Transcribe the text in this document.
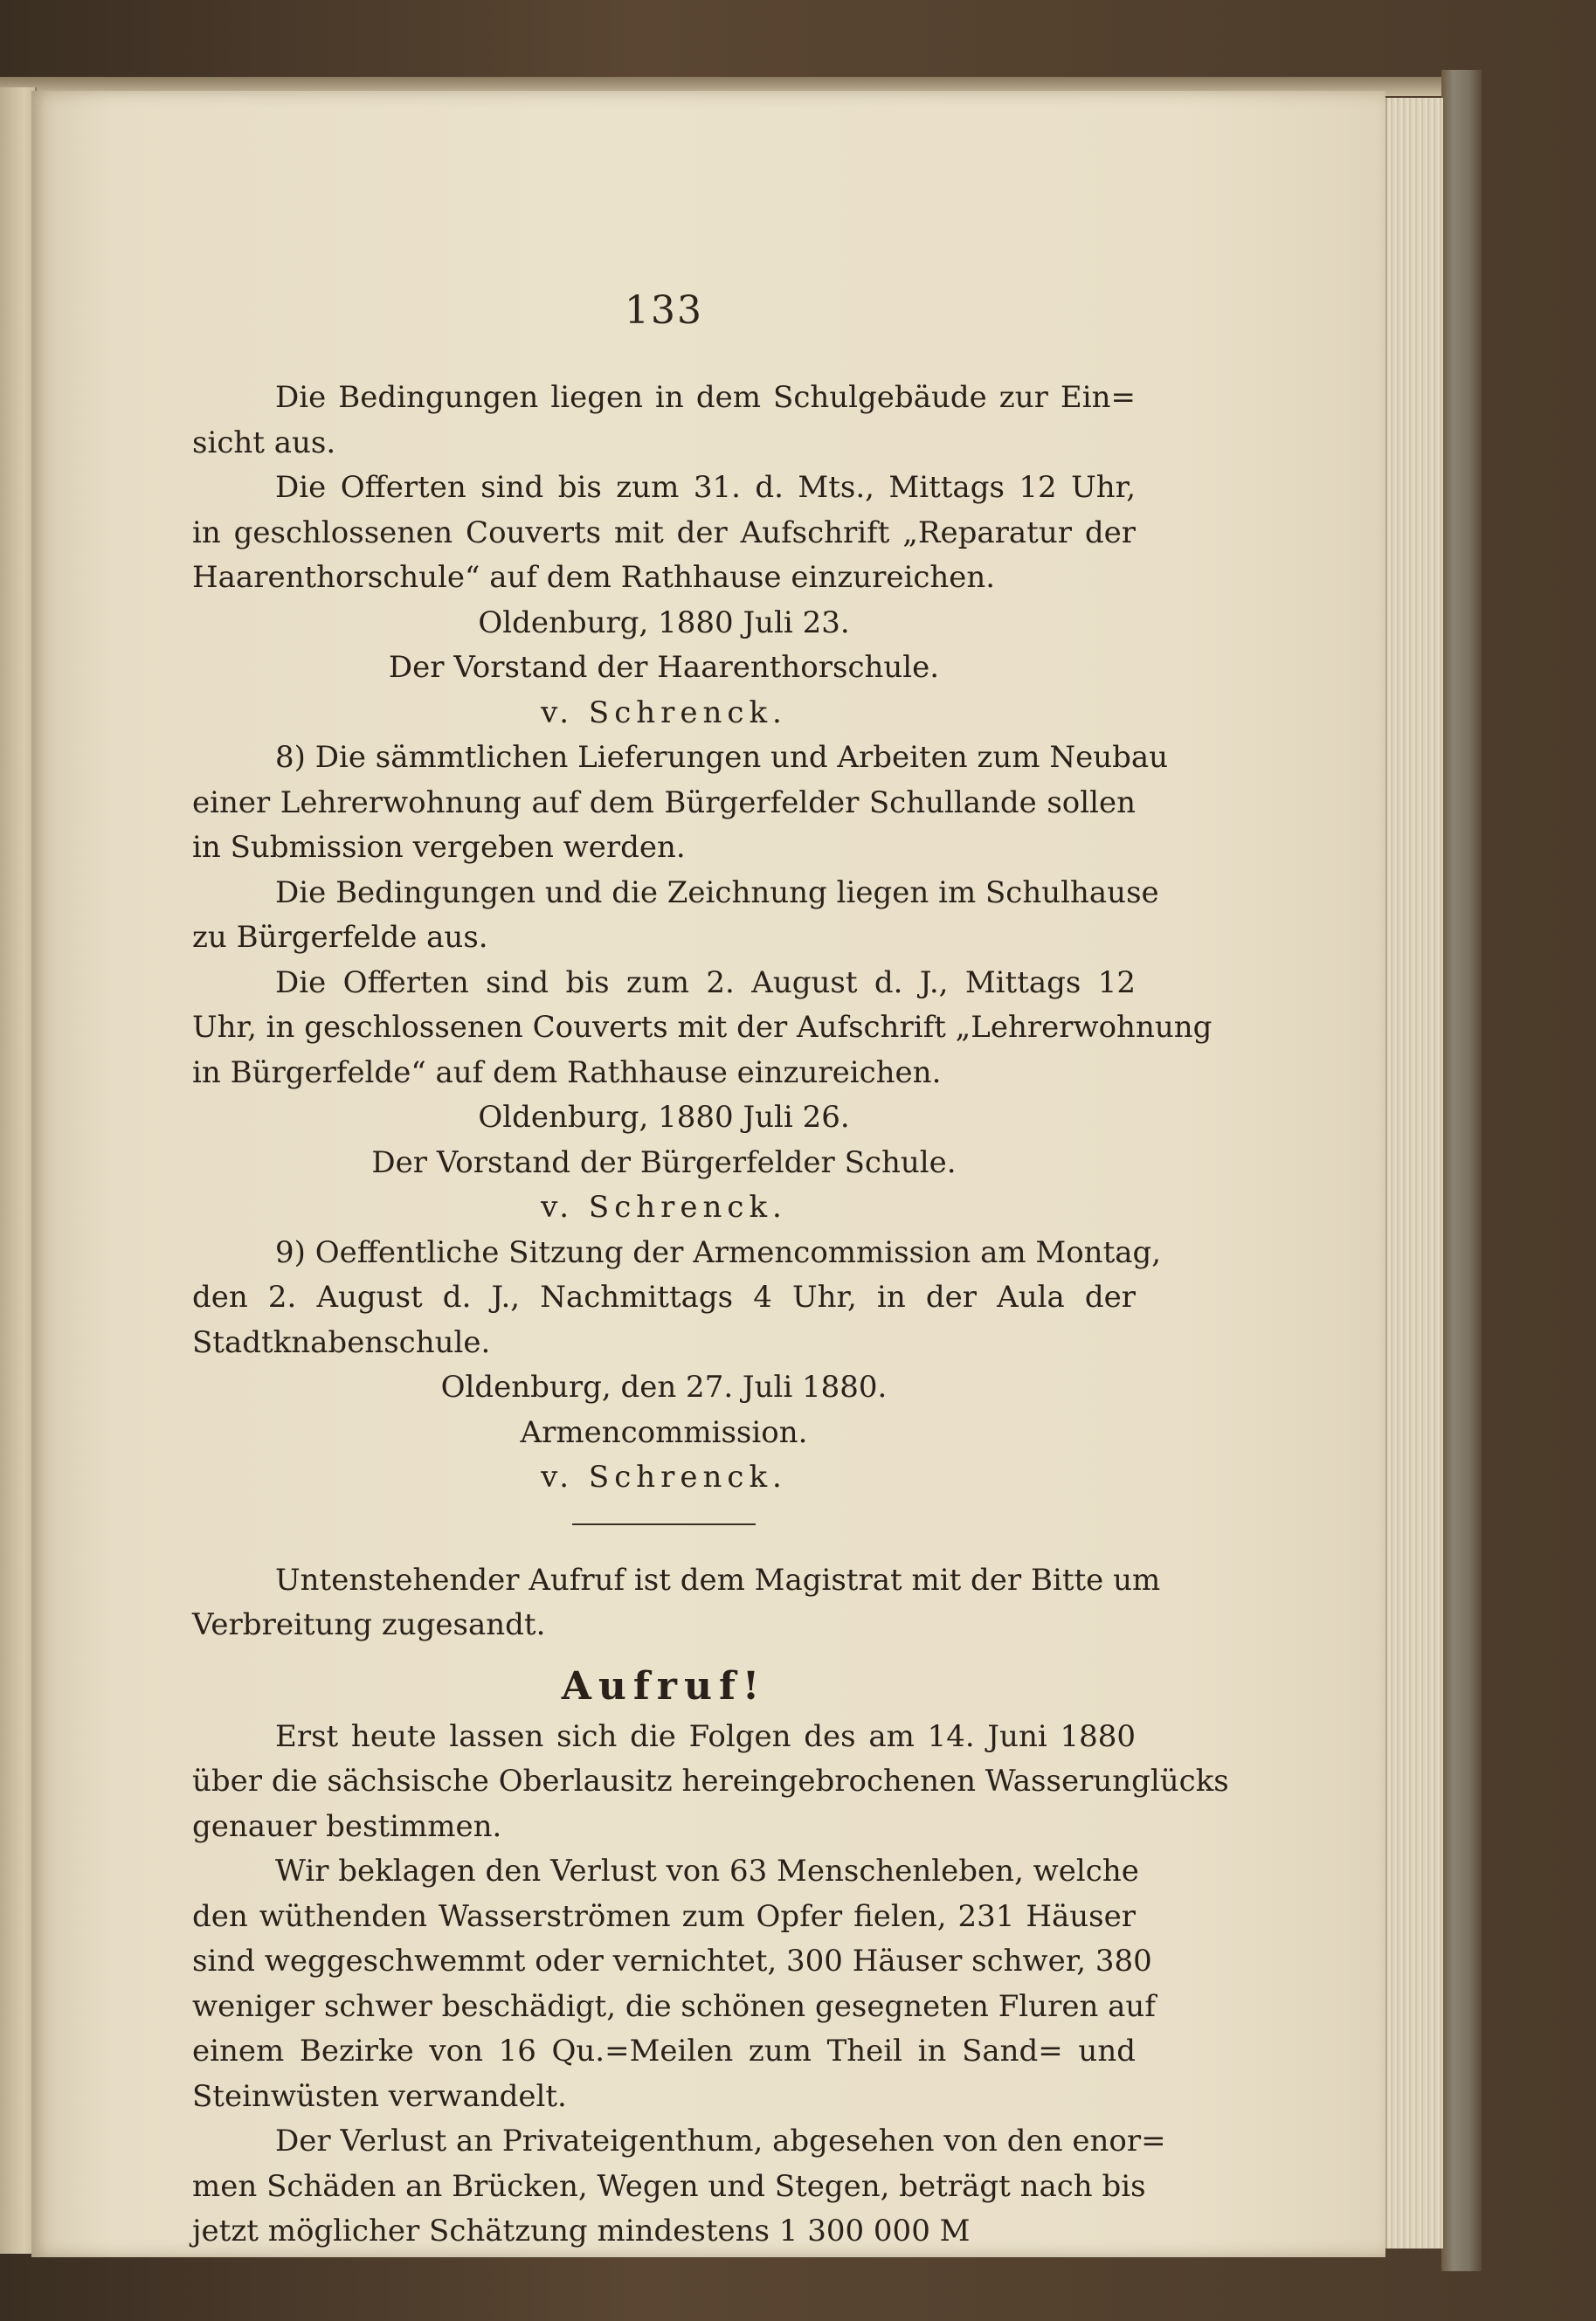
133
Die Bedingungen liegen in dem Schulgebäude zur Ein=
sicht aus.
Die Offerten sind bis zum 31. d. Mts., Mittags 12 Uhr,
in geschlossenen Couverts mit der Aufschrift „Reparatur der
Haarenthorschule“ auf dem Rathhause einzureichen.
Oldenburg, 1880 Juli 23.
Der Vorstand der Haarenthorschule.
v. Schrenck.
8) Die sämmtlichen Lieferungen und Arbeiten zum Neubau
einer Lehrerwohnung auf dem Bürgerfelder Schullande sollen
in Submission vergeben werden.
Die Bedingungen und die Zeichnung liegen im Schulhause
zu Bürgerfelde aus.
Die Offerten sind bis zum 2. August d. J., Mittags 12
Uhr, in geschlossenen Couverts mit der Aufschrift „Lehrerwohnung
in Bürgerfelde“ auf dem Rathhause einzureichen.
Oldenburg, 1880 Juli 26.
Der Vorstand der Bürgerfelder Schule.
v. Schrenck.
9) Oeffentliche Sitzung der Armencommission am Montag,
den 2. August d. J., Nachmittags 4 Uhr, in der Aula der
Stadtknabenschule.
Oldenburg, den 27. Juli 1880.
Armencommission.
v. Schrenck.
Untenstehender Aufruf ist dem Magistrat mit der Bitte um
Verbreitung zugesandt.
Aufruf!
Erst heute lassen sich die Folgen des am 14. Juni 1880
über die sächsische Oberlausitz hereingebrochenen Wasserunglücks
genauer bestimmen.
Wir beklagen den Verlust von 63 Menschenleben, welche
den wüthenden Wasserströmen zum Opfer fielen, 231 Häuser
sind weggeschwemmt oder vernichtet, 300 Häuser schwer, 380
weniger schwer beschädigt, die schönen gesegneten Fluren auf
einem Bezirke von 16 Qu.=Meilen zum Theil in Sand= und
Steinwüsten verwandelt.
Der Verlust an Privateigenthum, abgesehen von den enor=
men Schäden an Brücken, Wegen und Stegen, beträgt nach bis
jetzt möglicher Schätzung mindestens 1 300 000 M
